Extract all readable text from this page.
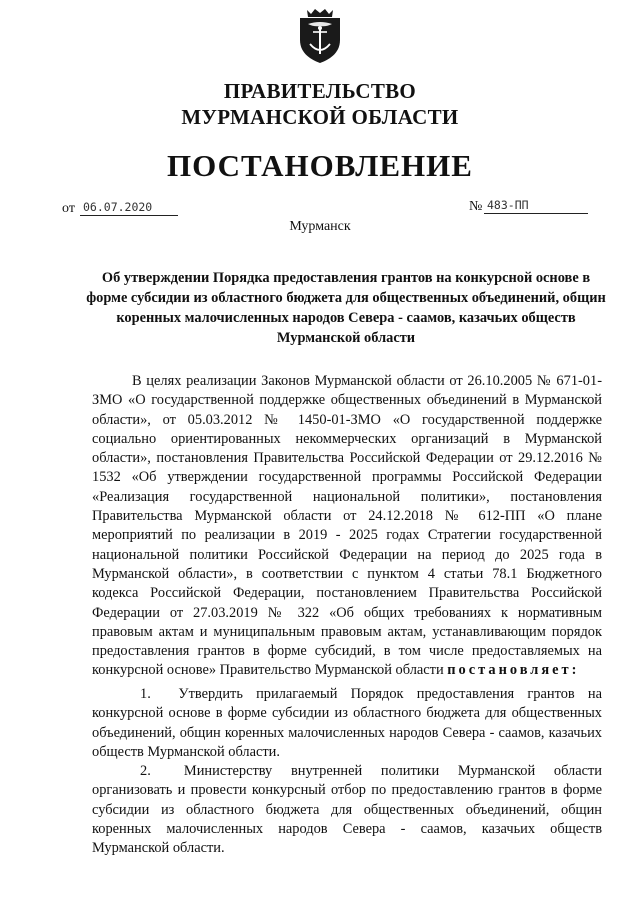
ПРАВИТЕЛЬСТВО
МУРМАНСКОЙ ОБЛАСТИ
ПОСТАНОВЛЕНИЕ
от 06.07.2020	№ 483-ПП
Мурманск
Об утверждении Порядка предоставления грантов на конкурсной основе в форме субсидии из областного бюджета для общественных объединений, общин коренных малочисленных народов Севера - саамов, казачьих обществ Мурманской области
В целях реализации Законов Мурманской области от 26.10.2005 № 671-01-ЗМО «О государственной поддержке общественных объединений в Мурманской области», от 05.03.2012 № 1450-01-ЗМО «О государственной поддержке социально ориентированных некоммерческих организаций в Мурманской области», постановления Правительства Российской Федерации от 29.12.2016 № 1532 «Об утверждении государственной программы Российской Федерации «Реализация государственной национальной политики», постановления Правительства Мурманской области от 24.12.2018 № 612-ПП «О плане мероприятий по реализации в 2019 - 2025 годах Стратегии государственной национальной политики Российской Федерации на период до 2025 года в Мурманской области», в соответствии с пунктом 4 статьи 78.1 Бюджетного кодекса Российской Федерации, постановлением Правительства Российской Федерации от 27.03.2019 № 322 «Об общих требованиях к нормативным правовым актам и муниципальным правовым актам, устанавливающим порядок предоставления грантов в форме субсидий, в том числе предоставляемых на конкурсной основе» Правительство Мурманской области постановляет:
1.  Утвердить прилагаемый Порядок предоставления грантов на конкурсной основе в форме субсидии из областного бюджета для общественных объединений, общин коренных малочисленных народов Севера - саамов, казачьих обществ Мурманской области.
2.  Министерству внутренней политики Мурманской области организовать и провести конкурсный отбор по предоставлению грантов в форме субсидии из областного бюджета для общественных объединений, общин коренных малочисленных народов Севера - саамов, казачьих обществ Мурманской области.
